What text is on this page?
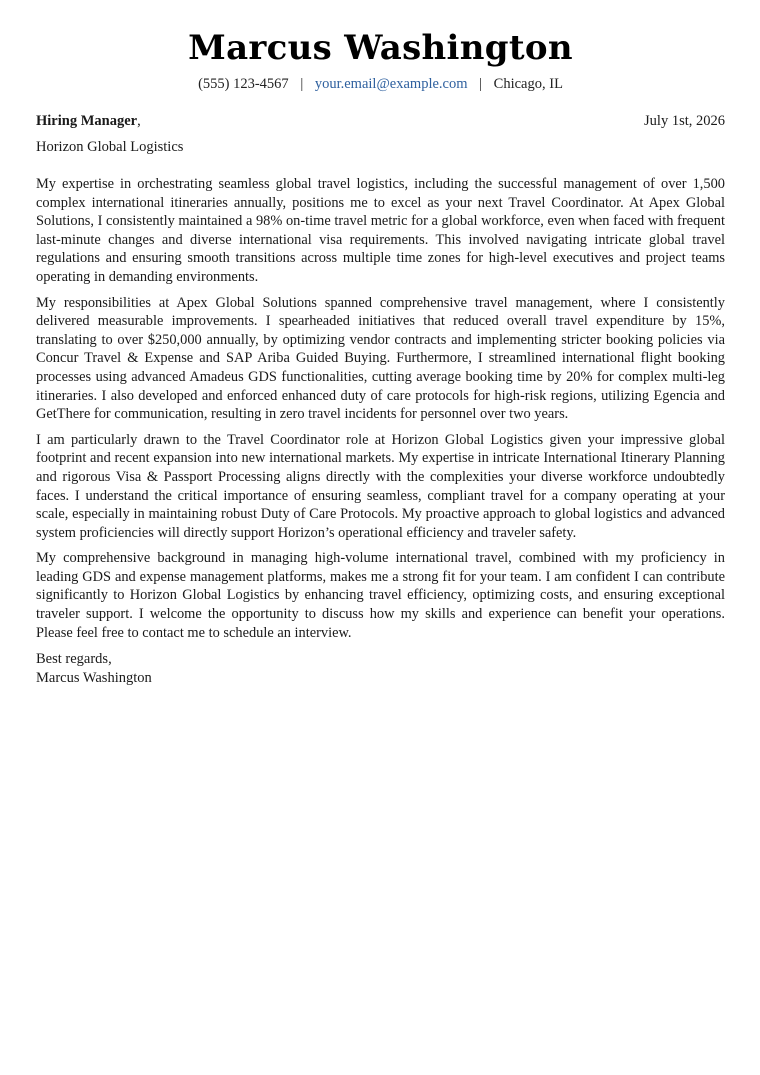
Marcus Washington
(555) 123-4567 | your.email@example.com | Chicago, IL
Hiring Manager,	July 1st, 2026
Horizon Global Logistics

My expertise in orchestrating seamless global travel logistics, including the successful management of over 1,500 complex international itineraries annually, positions me to excel as your next Travel Coordinator. At Apex Global Solutions, I consistently maintained a 98% on-time travel metric for a global workforce, even when faced with frequent last-minute changes and diverse international visa requirements. This involved navigating intricate global travel regulations and ensuring smooth transitions across multiple time zones for high-level executives and project teams operating in demanding environments.

My responsibilities at Apex Global Solutions spanned comprehensive travel management, where I consistently delivered measurable improvements. I spearheaded initiatives that reduced overall travel expenditure by 15%, translating to over $250,000 annually, by optimizing vendor contracts and implementing stricter booking policies via Concur Travel & Expense and SAP Ariba Guided Buying. Furthermore, I streamlined international flight booking processes using advanced Amadeus GDS functionalities, cutting average booking time by 20% for complex multi-leg itineraries. I also developed and enforced enhanced duty of care protocols for high-risk regions, utilizing Egencia and GetThere for communication, resulting in zero travel incidents for personnel over two years.

I am particularly drawn to the Travel Coordinator role at Horizon Global Logistics given your impressive global footprint and recent expansion into new international markets. My expertise in intricate International Itinerary Planning and rigorous Visa & Passport Processing aligns directly with the complexities your diverse workforce undoubtedly faces. I understand the critical importance of ensuring seamless, compliant travel for a company operating at your scale, especially in maintaining robust Duty of Care Protocols. My proactive approach to global logistics and advanced system proficiencies will directly support Horizon’s operational efficiency and traveler safety.

My comprehensive background in managing high-volume international travel, combined with my proficiency in leading GDS and expense management platforms, makes me a strong fit for your team. I am confident I can contribute significantly to Horizon Global Logistics by enhancing travel efficiency, optimizing costs, and ensuring exceptional traveler support. I welcome the opportunity to discuss how my skills and experience can benefit your operations. Please feel free to contact me to schedule an interview.

Best regards,
Marcus Washington
